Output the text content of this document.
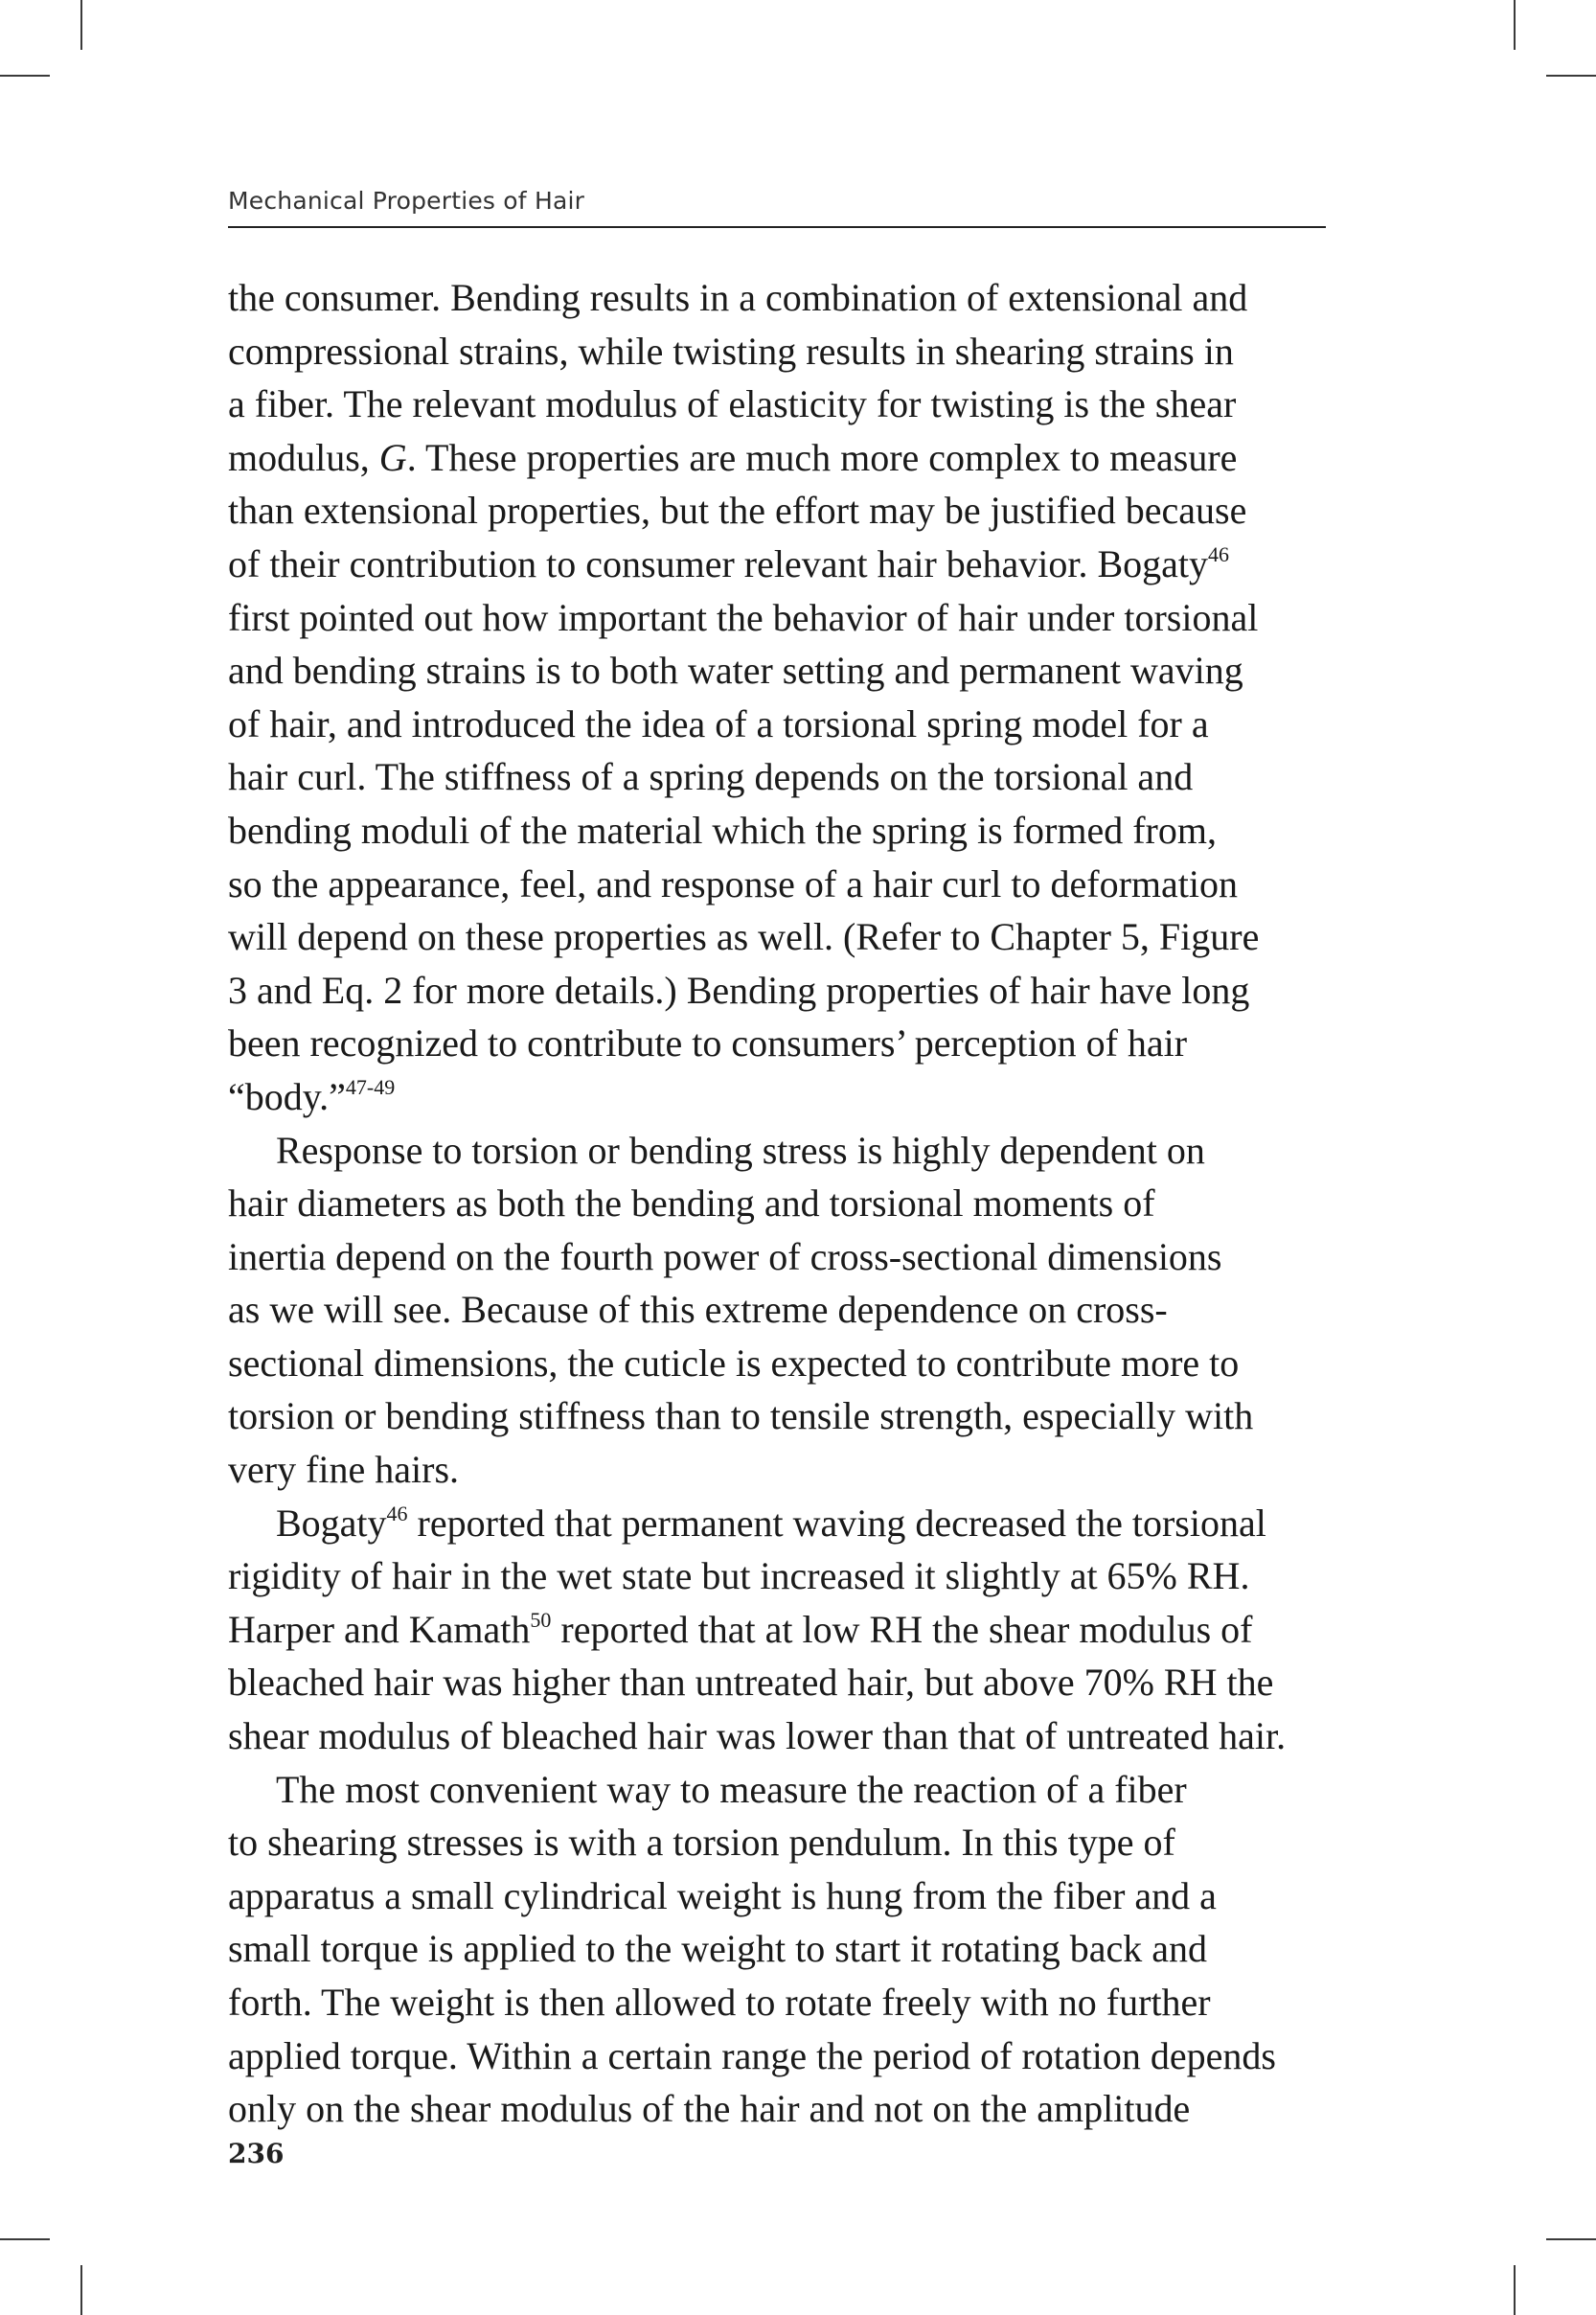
Mechanical Properties of Hair
the consumer. Bending results in a combination of extensional and
compressional strains, while twisting results in shearing strains in
a fiber. The relevant modulus of elasticity for twisting is the shear
modulus, G. These properties are much more complex to measure
than extensional properties, but the effort may be justified because
of their contribution to consumer relevant hair behavior. Bogaty$^{46}$
first pointed out how important the behavior of hair under torsional
and bending strains is to both water setting and permanent waving
of hair, and introduced the idea of a torsional spring model for a
hair curl. The stiffness of a spring depends on the torsional and
bending moduli of the material which the spring is formed from,
so the appearance, feel, and response of a hair curl to deformation
will depend on these properties as well. (Refer to Chapter 5, Figure
3 and Eq. 2 for more details.) Bending properties of hair have long
been recognized to contribute to consumers’ perception of hair
“body.”$^{47-49}$
Response to torsion or bending stress is highly dependent on
hair diameters as both the bending and torsional moments of
inertia depend on the fourth power of cross-sectional dimensions
as we will see. Because of this extreme dependence on cross-
sectional dimensions, the cuticle is expected to contribute more to
torsion or bending stiffness than to tensile strength, especially with
very fine hairs.
Bogaty$^{46}$ reported that permanent waving decreased the torsional
rigidity of hair in the wet state but increased it slightly at 65% RH.
Harper and Kamath$^{50}$ reported that at low RH the shear modulus of
bleached hair was higher than untreated hair, but above 70% RH the
shear modulus of bleached hair was lower than that of untreated hair.
The most convenient way to measure the reaction of a fiber
to shearing stresses is with a torsion pendulum. In this type of
apparatus a small cylindrical weight is hung from the fiber and a
small torque is applied to the weight to start it rotating back and
forth. The weight is then allowed to rotate freely with no further
applied torque. Within a certain range the period of rotation depends
only on the shear modulus of the hair and not on the amplitude
236
